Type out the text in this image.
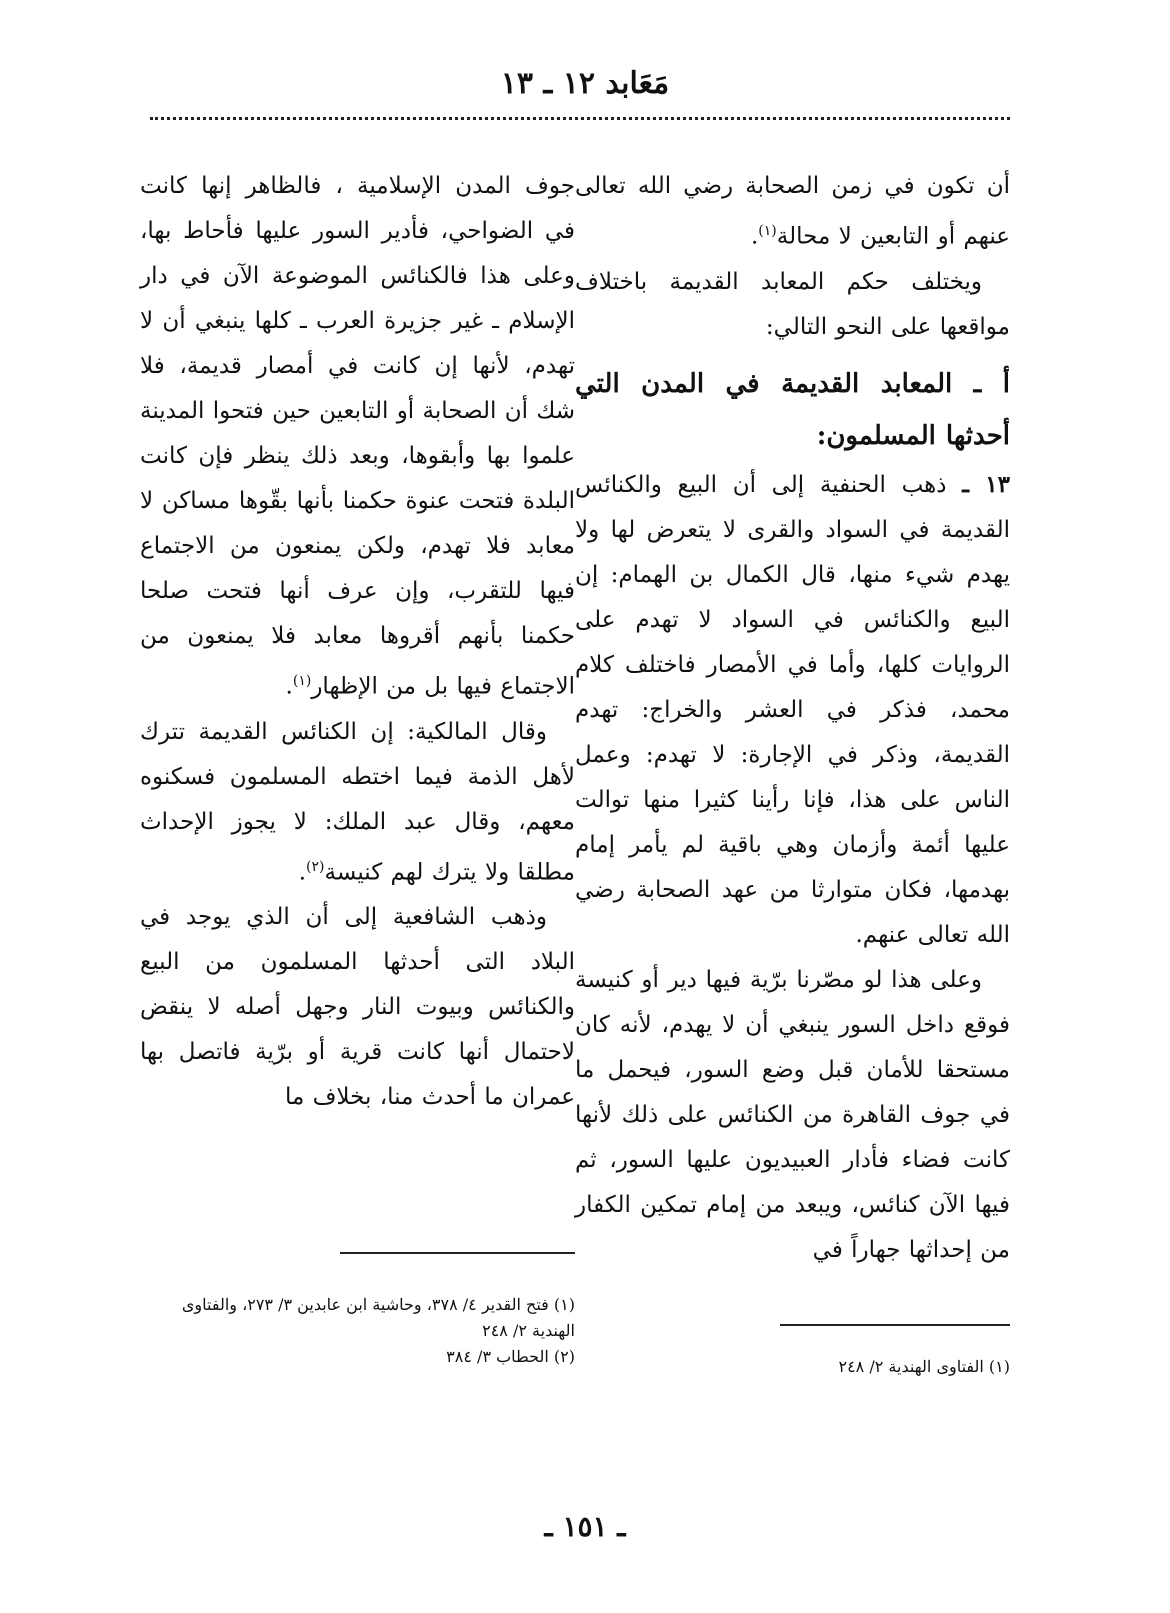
مَعَابد ١٢ ـ ١٣

أن تكون في زمن الصحابة رضي الله تعالى عنهم أو التابعين لا محالة$^{(١)}$.

ويختلف حكم المعابد القديمة باختلاف مواقعها على النحو التالي:

أ ـ المعابد القديمة في المدن التي أحدثها المسلمون:

١٣ ـ ذهب الحنفية إلى أن البيع والكنائس القديمة في السواد والقرى لا يتعرض لها ولا يهدم شيء منها، قال الكمال بن الهمام: إن البيع والكنائس في السواد لا تهدم على الروايات كلها، وأما في الأمصار فاختلف كلام محمد، فذكر في العشر والخراج: تهدم القديمة، وذكر في الإجارة: لا تهدم: وعمل الناس على هذا، فإنا رأينا كثيرا منها توالت عليها أئمة وأزمان وهي باقية لم يأمر إمام بهدمها، فكان متوارثا من عهد الصحابة رضي الله تعالى عنهم.

وعلى هذا لو مصّرنا برّية فيها دير أو كنيسة فوقع داخل السور ينبغي أن لا يهدم، لأنه كان مستحقا للأمان قبل وضع السور، فيحمل ما في جوف القاهرة من الكنائس على ذلك لأنها كانت فضاء فأدار العبيديون عليها السور، ثم فيها الآن كنائس، ويبعد من إمام تمكين الكفار من إحداثها جهاراً في

جوف المدن الإسلامية ، فالظاهر إنها كانت في الضواحي، فأدير السور عليها فأحاط بها، وعلى هذا فالكنائس الموضوعة الآن في دار الإسلام ـ غير جزيرة العرب ـ كلها ينبغي أن لا تهدم، لأنها إن كانت في أمصار قديمة، فلا شك أن الصحابة أو التابعين حين فتحوا المدينة علموا بها وأبقوها، وبعد ذلك ينظر فإن كانت البلدة فتحت عنوة حكمنا بأنها بقّوها مساكن لا معابد فلا تهدم، ولكن يمنعون من الاجتماع فيها للتقرب، وإن عرف أنها فتحت صلحا حكمنا بأنهم أقروها معابد فلا يمنعون من الاجتماع فيها بل من الإظهار$^{(١)}$.

وقال المالكية: إن الكنائس القديمة تترك لأهل الذمة فيما اختطه المسلمون فسكنوه معهم، وقال عبد الملك: لا يجوز الإحداث مطلقا ولا يترك لهم كنيسة$^{(٢)}$.

وذهب الشافعية إلى أن الذي يوجد في البلاد التى أحدثها المسلمون من البيع والكنائس وبيوت النار وجهل أصله لا ينقض لاحتمال أنها كانت قرية أو برّية فاتصل بها عمران ما أحدث منا، بخلاف ما

(١) الفتاوى الهندية ٢/ ٢٤٨
(١) فتح القدير ٤/ ٣٧٨، وحاشية ابن عابدين ٣/ ٢٧٣، والفتاوى الهندية ٢/ ٢٤٨
(٢) الحطاب ٣/ ٣٨٤
ـ ١٥١ ـ
